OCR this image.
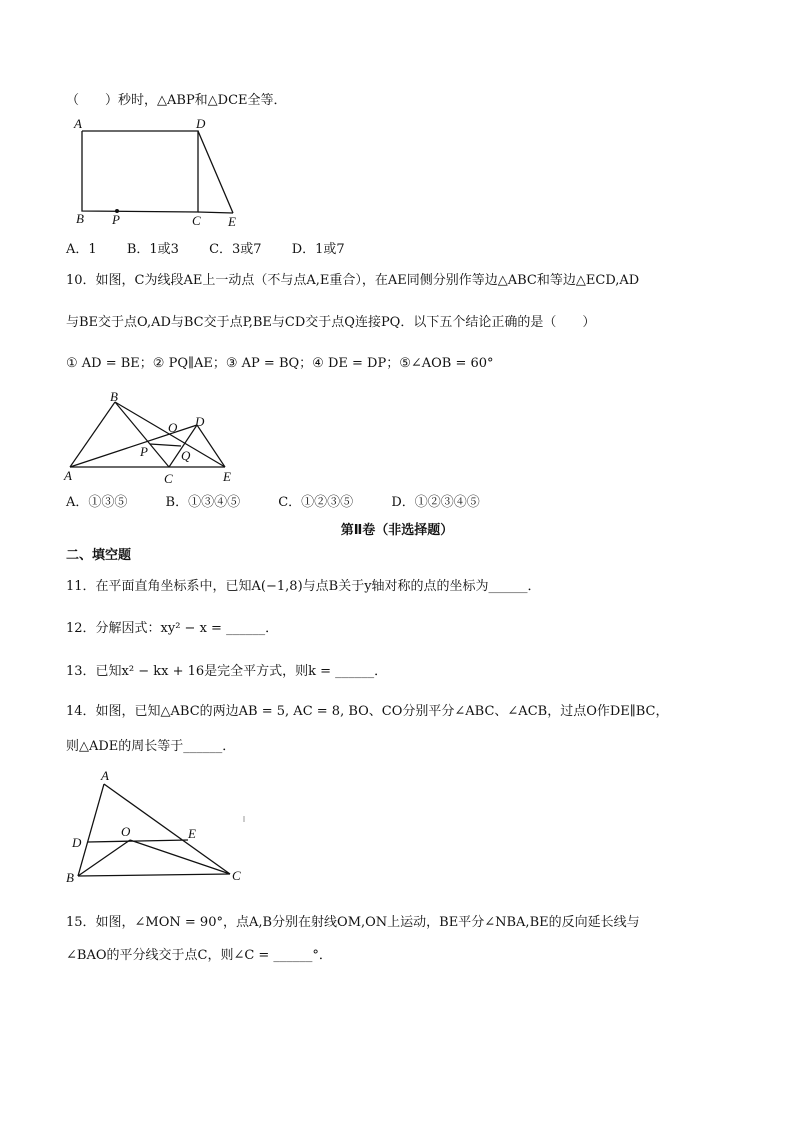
（　　）秒时，△ABP和△DCE全等．
A	D
B P	C E
A．1 B．1或3 C．3或7 D．1或7
10．如图，C为线段AE上一动点（不与点A,E重合），在AE同侧分别作等边△ABC和等边△ECD,AD
与BE交于点O,AD与BC交于点P,BE与CD交于点Q连接PQ．以下五个结论正确的是（　　）
① AD = BE；② PQ∥AE；③ AP = BQ；④ DE = DP；⑤∠AOB = 60°
B
O D
P	Q
A	C	E
A．①③⑤	B．①③④⑤	C．①②③⑤	D．①②③④⑤
第Ⅱ卷（非选择题）
二、填空题
11．在平面直角坐标系中，已知A(−1,8)与点B关于y轴对称的点的坐标为______．
12．分解因式：xy² − x = ______．
13．已知x² − kx + 16是完全平方式，则k = ______．
14．如图，已知△ABC的两边AB = 5, AC = 8, BO、CO分别平分∠ABC、∠ACB，过点O作DE∥BC，
则△ADE的周长等于______．
A
D
O	E
B	C
15．如图，∠MON = 90°，点A,B分别在射线OM,ON上运动，BE平分∠NBA,BE的反向延长线与
∠BAO的平分线交于点C，则∠C = ______°．
